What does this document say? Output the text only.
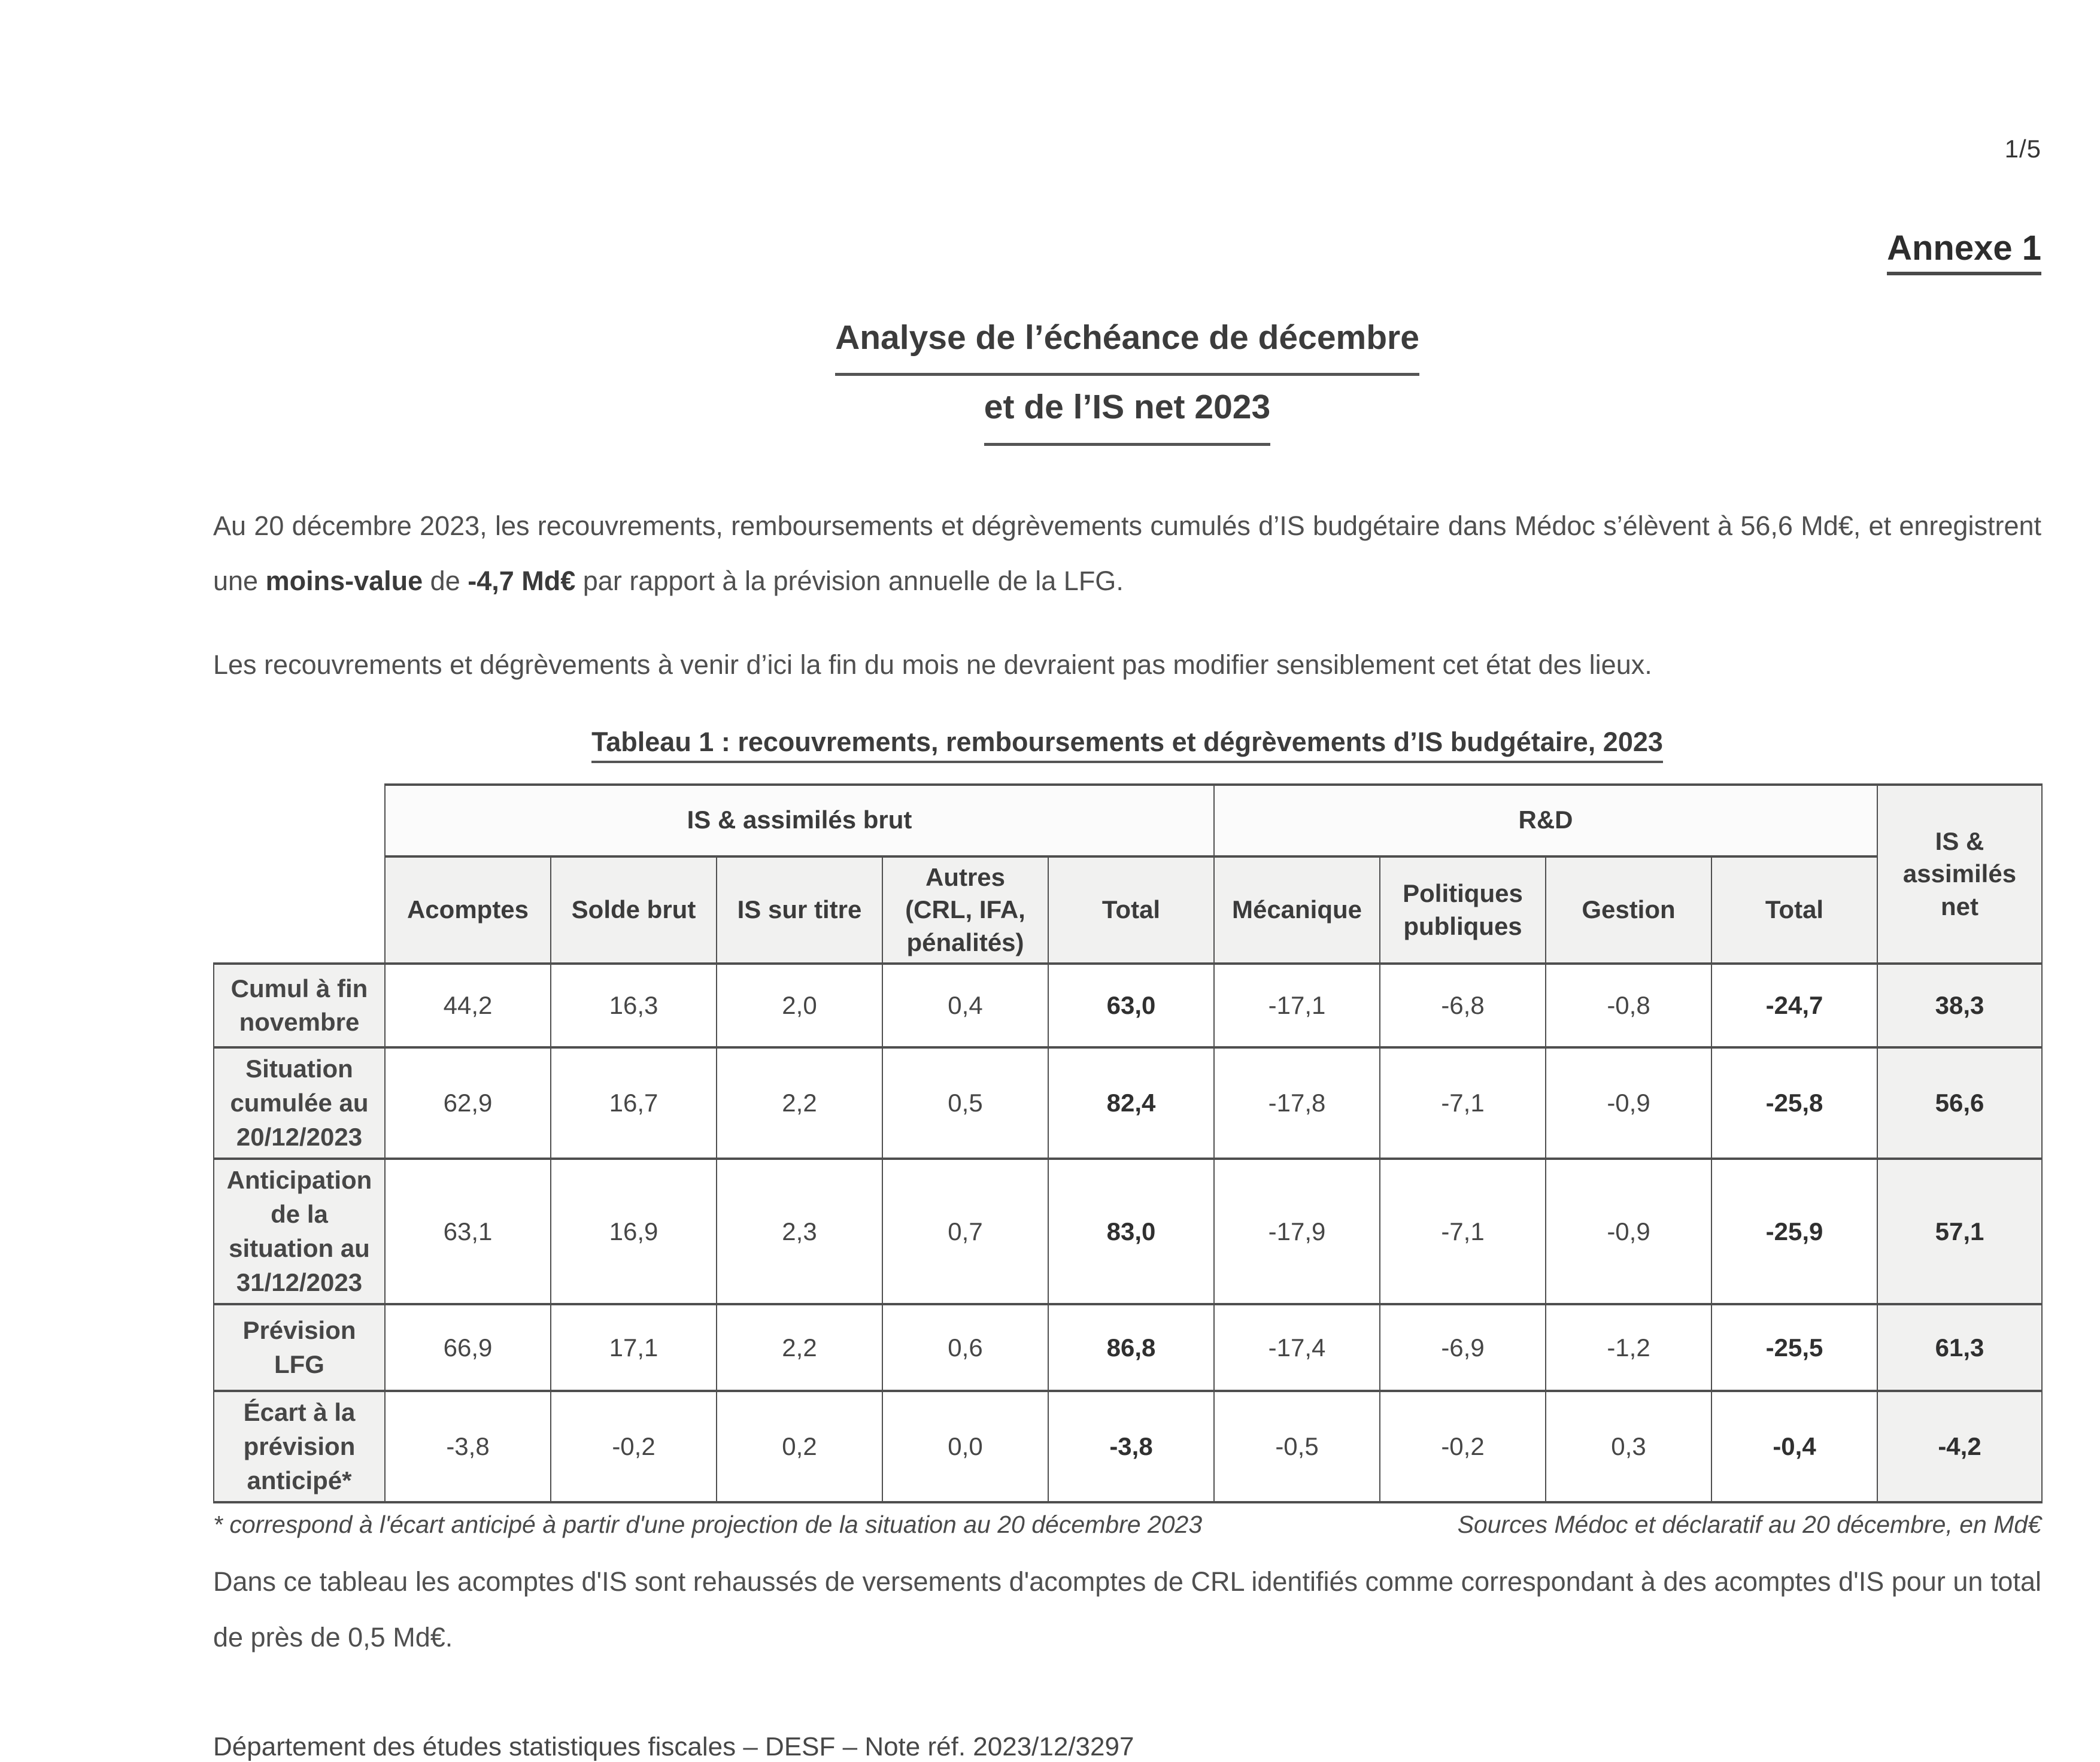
1/5
Annexe 1
Analyse de l’échéance de décembre
et de l’IS net 2023

Au 20 décembre 2023, les recouvrements, remboursements et dégrèvements cumulés d’IS budgétaire dans Médoc s’élèvent à 56,6 Md€, et enregistrent une moins-value de -4,7 Md€ par rapport à la prévision annuelle de la LFG.

Les recouvrements et dégrèvements à venir d’ici la fin du mois ne devraient pas modifier sensiblement cet état des lieux.

Tableau 1 : recouvrements, remboursements et dégrèvements d’IS budgétaire, 2023
	IS & assimilés brut					R&D				IS & assimilés net
	Acomptes	Solde brut	IS sur titre	Autres (CRL, IFA, pénalités)	Total	Mécanique	Politiques publiques	Gestion	Total	
Cumul à fin novembre	44,2	16,3	2,0	0,4	63,0	-17,1	-6,8	-0,8	-24,7	38,3
Situation cumulée au 20/12/2023	62,9	16,7	2,2	0,5	82,4	-17,8	-7,1	-0,9	-25,8	56,6
Anticipation de la situation au 31/12/2023	63,1	16,9	2,3	0,7	83,0	-17,9	-7,1	-0,9	-25,9	57,1
Prévision LFG	66,9	17,1	2,2	0,6	86,8	-17,4	-6,9	-1,2	-25,5	61,3
Écart à la prévision anticipé*	-3,8	-0,2	0,2	0,0	-3,8	-0,5	-0,2	0,3	-0,4	-4,2
* correspond à l'écart anticipé à partir d'une projection de la situation au 20 décembre 2023	Sources Médoc et déclaratif au 20 décembre, en Md€

Dans ce tableau les acomptes d'IS sont rehaussés de versements d'acomptes de CRL identifiés comme correspondant à des acomptes d'IS pour un total de près de 0,5 Md€.

Département des études statistiques fiscales – DESF – Note réf. 2023/12/3297
